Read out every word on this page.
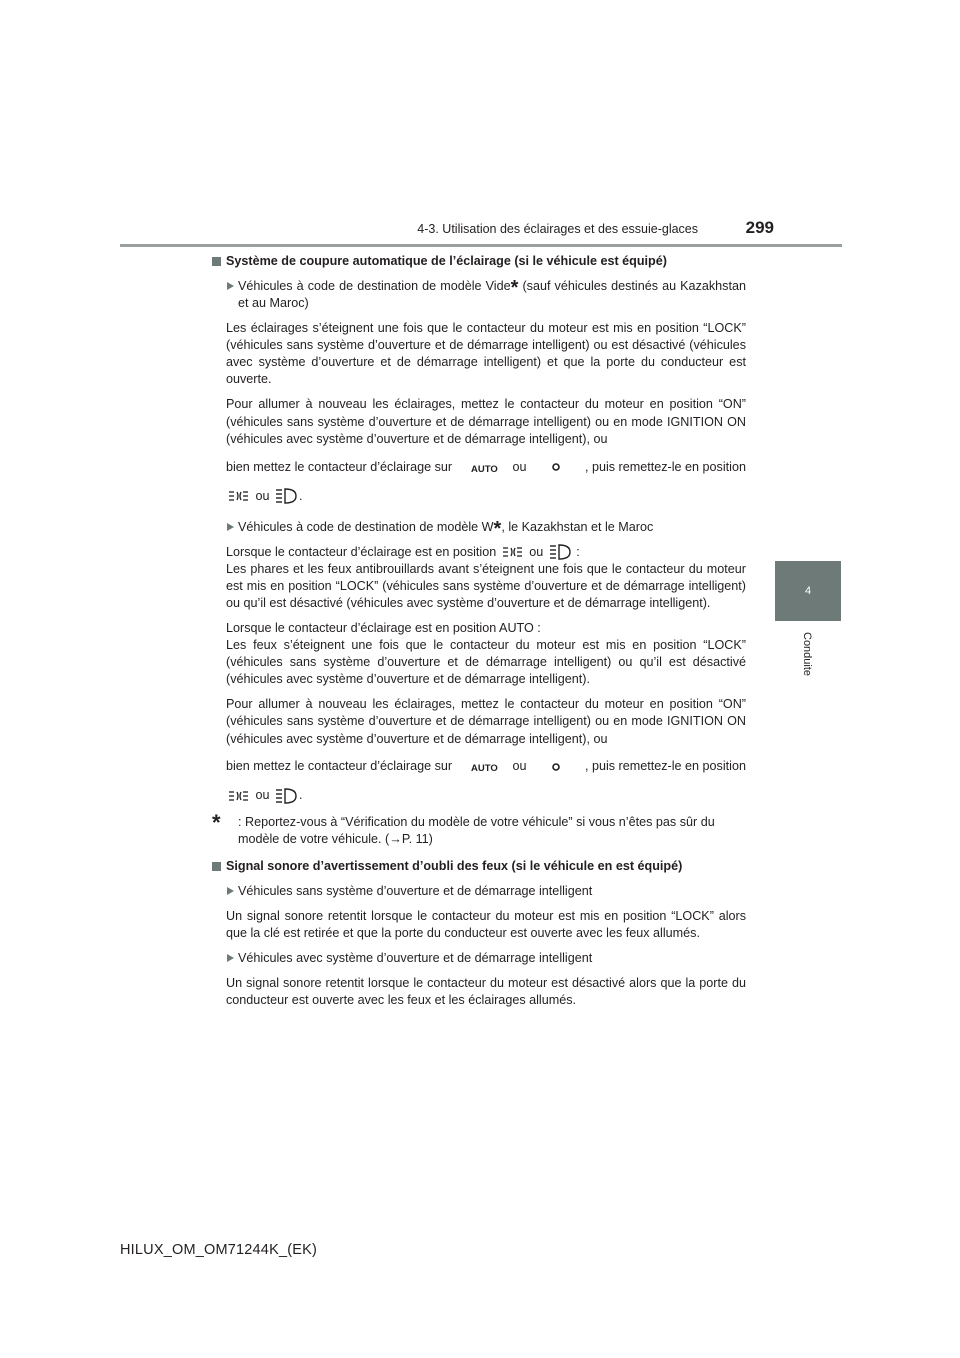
4-3. Utilisation des éclairages et des essuie-glaces	299
4
Conduite
Système de coupure automatique de l’éclairage (si le véhicule est équipé)
Véhicules à code de destination de modèle Vide* (sauf véhicules destinés au Kazakhstan et au Maroc)
Les éclairages s’éteignent une fois que le contacteur du moteur est mis en position “LOCK” (véhicules sans système d’ouverture et de démarrage intelligent) ou est désactivé (véhicules avec système d’ouverture et de démarrage intelligent) et que la porte du conducteur est ouverte.
Pour allumer à nouveau les éclairages, mettez le contacteur du moteur en position “ON” (véhicules sans système d’ouverture et de démarrage intelligent) ou en mode IGNITION ON (véhicules avec système d’ouverture et de démarrage intelligent), ou
bien mettez le contacteur d’éclairage sur AUTO ou	, puis remettez-le en position
ou .
Véhicules à code de destination de modèle W*, le Kazakhstan et le Maroc
Lorsque le contacteur d’éclairage est en position	ou	:
Les phares et les feux antibrouillards avant s’éteignent une fois que le contacteur du moteur est mis en position “LOCK” (véhicules sans système d’ouverture et de démarrage intelligent) ou qu’il est désactivé (véhicules avec système d’ouverture et de démarrage intelligent).
Lorsque le contacteur d’éclairage est en position AUTO :
Les feux s’éteignent une fois que le contacteur du moteur est mis en position “LOCK” (véhicules sans système d’ouverture et de démarrage intelligent) ou qu’il est désactivé (véhicules avec système d’ouverture et de démarrage intelligent).
Pour allumer à nouveau les éclairages, mettez le contacteur du moteur en position “ON” (véhicules sans système d’ouverture et de démarrage intelligent) ou en mode IGNITION ON (véhicules avec système d’ouverture et de démarrage intelligent), ou
bien mettez le contacteur d’éclairage sur AUTO ou	, puis remettez-le en position
ou .
* : Reportez-vous à “Vérification du modèle de votre véhicule” si vous n’êtes pas sûr du modèle de votre véhicule. (→P. 11)
Signal sonore d’avertissement d’oubli des feux (si le véhicule en est équipé)
Véhicules sans système d’ouverture et de démarrage intelligent
Un signal sonore retentit lorsque le contacteur du moteur est mis en position “LOCK” alors que la clé est retirée et que la porte du conducteur est ouverte avec les feux allumés.
Véhicules avec système d’ouverture et de démarrage intelligent
Un signal sonore retentit lorsque le contacteur du moteur est désactivé alors que la porte du conducteur est ouverte avec les feux et les éclairages allumés.
HILUX_OM_OM71244K_(EK)
